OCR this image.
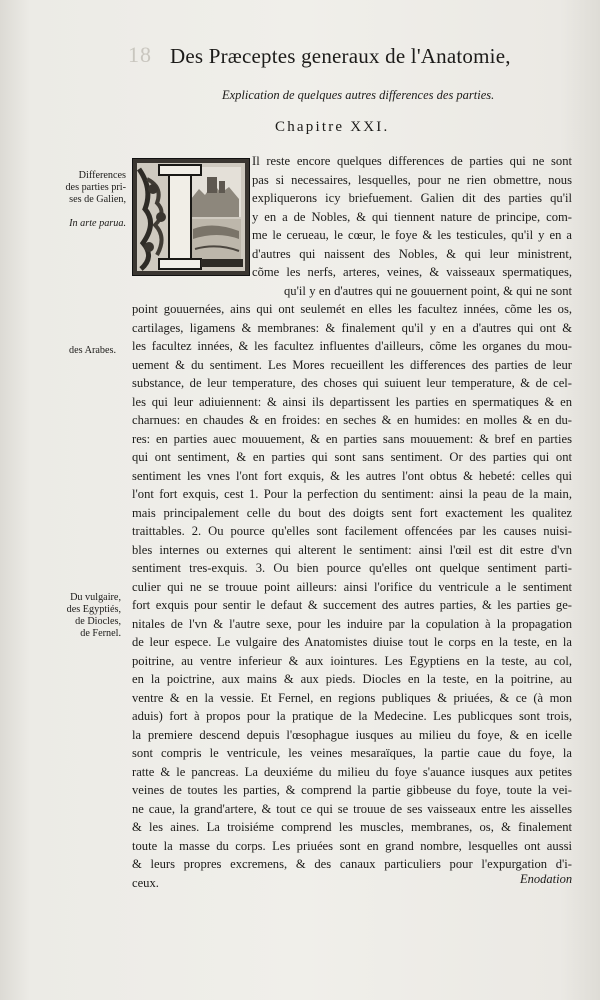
18 Des Præceptes generaux de l'Anatomie,
Explication de quelques autres differences des parties.
Chapitre XXI.
Differences
des parties pri-
ses de Galien,
In arte parua.
des Arabes.
Du vulgaire,
des Egyptiés,
de Diocles,
de Fernel.
Il reste encore quelques differences de parties qui ne sont
pas si necessaires, lesquelles, pour ne rien obmettre, nous
expliquerons icy briefuement. Galien dit des parties qu'il
y en a de Nobles, & qui tiennent nature de principe, com-
me le cerueau, le cœur, le foye & les testicules, qu'il y en a
d'autres qui naissent des Nobles, & qui leur ministrent,
cõme les nerfs, arteres, veines, & vaisseaux spermatiques,
qu'il y en d'autres qui ne gouuernent point, & qui ne sont
point gouuernées, ains qui ont seulemét en elles les facultez innées, cõme les os,
cartilages, ligamens & membranes: & finalement qu'il y en a d'autres qui ont &
les facultez innées, & les facultez influentes d'ailleurs, cõme les organes du mou-
uement & du sentiment. Les Mores recueillent les differences des parties de leur
substance, de leur temperature, des choses qui suiuent leur temperature, & de cel-
les qui leur adiuiennent: & ainsi ils departissent les parties en spermatiques & en
charnues: en chaudes & en froides: en seches & en humides: en molles & en du-
res: en parties auec mouuement, & en parties sans mouuement: & bref en parties
qui ont sentiment, & en parties qui sont sans sentiment. Or des parties qui ont
sentiment les vnes l'ont fort exquis, & les autres l'ont obtus & hebeté: celles qui
l'ont fort exquis, cest 1. Pour la perfection du sentiment: ainsi la peau de la main,
mais principalement celle du bout des doigts sent fort exactement les qualitez
traittables. 2. Ou pource qu'elles sont facilement offencées par les causes nuisi-
bles internes ou externes qui alterent le sentiment: ainsi l'œil est dit estre d'vn
sentiment tres-exquis. 3. Ou bien pource qu'elles ont quelque sentiment parti-
culier qui ne se trouue point ailleurs: ainsi l'orifice du ventricule a le sentiment
fort exquis pour sentir le defaut & succement des autres parties, & les parties ge-
nitales de l'vn & l'autre sexe, pour les induire par la copulation à la propagation
de leur espece. Le vulgaire des Anatomistes diuise tout le corps en la teste, en la
poitrine, au ventre inferieur & aux iointures. Les Egyptiens en la teste, au col,
en la poictrine, aux mains & aux pieds. Diocles en la teste, en la poitrine, au
ventre & en la vessie. Et Fernel, en regions publiques & priuées, & ce (à mon
aduis) fort à propos pour la pratique de la Medecine. Les publicques sont trois,
la premiere descend depuis l'œsophague iusques au milieu du foye, & en icelle
sont compris le ventricule, les veines mesaraïques, la partie caue du foye, la
ratte & le pancreas. La deuxiéme du milieu du foye s'auance iusques aux petites
veines de toutes les parties, & comprend la partie gibbeuse du foye, toute la vei-
ne caue, la grand'artere, & tout ce qui se trouue de ses vaisseaux entre les aisselles
& les aines. La troisiéme comprend les muscles, membranes, os, & finalement
toute la masse du corps. Les priuées sont en grand nombre, lesquelles ont aussi
& leurs propres excremens, & des canaux particuliers pour l'expurgation d'i-
ceux.	Enodation
